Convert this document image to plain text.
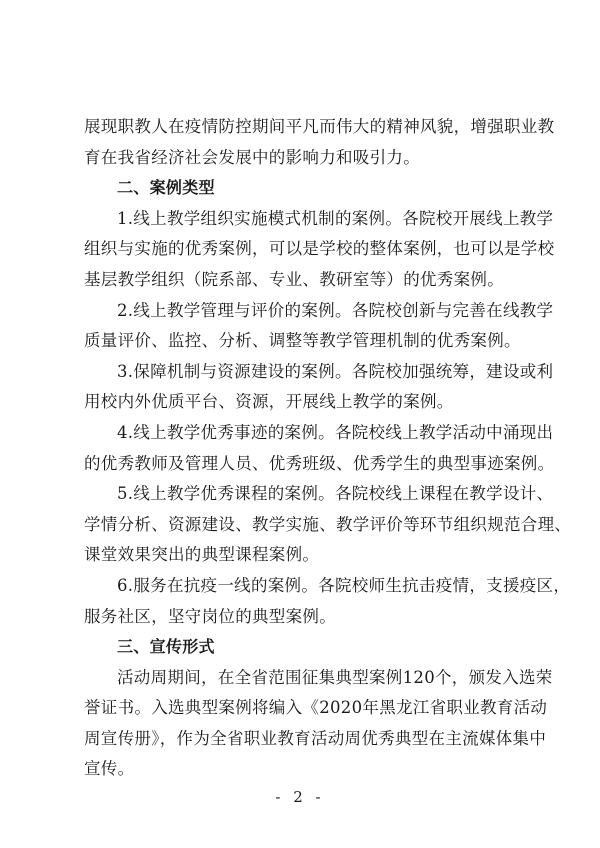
展现职教人在疫情防控期间平凡而伟大的精神风貌，增强职业教
育在我省经济社会发展中的影响力和吸引力。
二、案例类型
1.线上教学组织实施模式机制的案例。各院校开展线上教学
组织与实施的优秀案例，可以是学校的整体案例，也可以是学校
基层教学组织（院系部、专业、教研室等）的优秀案例。
2.线上教学管理与评价的案例。各院校创新与完善在线教学
质量评价、监控、分析、调整等教学管理机制的优秀案例。
3.保障机制与资源建设的案例。各院校加强统筹，建设或利
用校内外优质平台、资源，开展线上教学的案例。
4.线上教学优秀事迹的案例。各院校线上教学活动中涌现出
的优秀教师及管理人员、优秀班级、优秀学生的典型事迹案例。
5.线上教学优秀课程的案例。各院校线上课程在教学设计、
学情分析、资源建设、教学实施、教学评价等环节组织规范合理、
课堂效果突出的典型课程案例。
6.服务在抗疫一线的案例。各院校师生抗击疫情，支援疫区，
服务社区，坚守岗位的典型案例。
三、宣传形式
活动周期间，在全省范围征集典型案例120个，颁发入选荣
誉证书。入选典型案例将编入《2020年黑龙江省职业教育活动
周宣传册》，作为全省职业教育活动周优秀典型在主流媒体集中
宣传。
- 2 -
